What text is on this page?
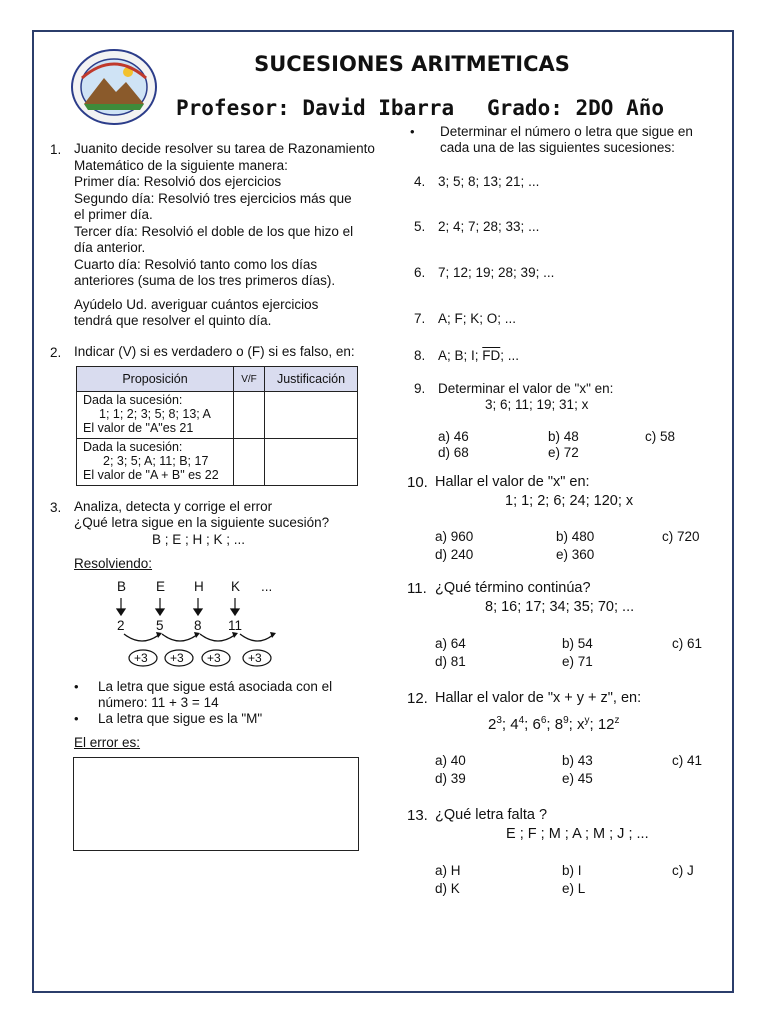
SUCESIONES ARITMETICAS
Profesor: David Ibarra Grado: 2DO Año
1. Juanito decide resolver su tarea de Razonamiento
Matemático de la siguiente manera:
Primer día: Resolvió dos ejercicios
Segundo día: Resolvió tres ejercicios más que
el primer día.
Tercer día: Resolvió el doble de los que hizo el
día anterior.
Cuarto día: Resolvió tanto como los días
anteriores (suma de los tres primeros días).
Ayúdelo Ud. averiguar cuántos ejercicios
tendrá que resolver el quinto día.
2. Indicar (V) si es verdadero o (F) si es falso, en:
Proposición	V/F	Justificación

Dada la sucesión:
1; 1; 2; 3; 5; 8; 13; A
El valor de "A"es 21		

Dada la sucesión:
2; 3; 5; A; 11; B; 17
El valor de "A + B" es 22		

3. Analiza, detecta y corrige el error
¿Qué letra sigue en la siguiente sucesión?
B ; E ; H ; K ; ...
Resolviendo:
B E H K ...
2 5 8 11
+3 +3 +3 +3
• La letra que sigue está asociada con el
número: 11 + 3 = 14
• La letra que sigue es la "M"
El error es:
• Determinar el número o letra que sigue en
cada una de las siguientes sucesiones:
4. 3; 5; 8; 13; 21; ...
5. 2; 4; 7; 28; 33; ...
6. 7; 12; 19; 28; 39; ...
7. A; F; K; O; ...
8. A; B; I; $\overline{FD}$; ...
9. Determinar el valor de "x" en:
3; 6; 11; 19; 31; x
a) 46	b) 48	c) 58
d) 68	e) 72
10. Hallar el valor de "x" en:
1; 1; 2; 6; 24; 120; x
a) 960	b) 480	c) 720
d) 240	e) 360
11. ¿Qué término continúa?
8; 16; 17; 34; 35; 70; ...
a) 64	b) 54	c) 61
d) 81	e) 71
12. Hallar el valor de "x + y + z", en:
$2^3$; $4^4$; $6^6$; $8^9$; $x^y$; 12$^z$
a) 40	b) 43	c) 41
d) 39	e) 45
13. ¿Qué letra falta ?
E ; F ; M ; A ; M ; J ; ...
a) H	b) I	c) J
d) K	e) L
